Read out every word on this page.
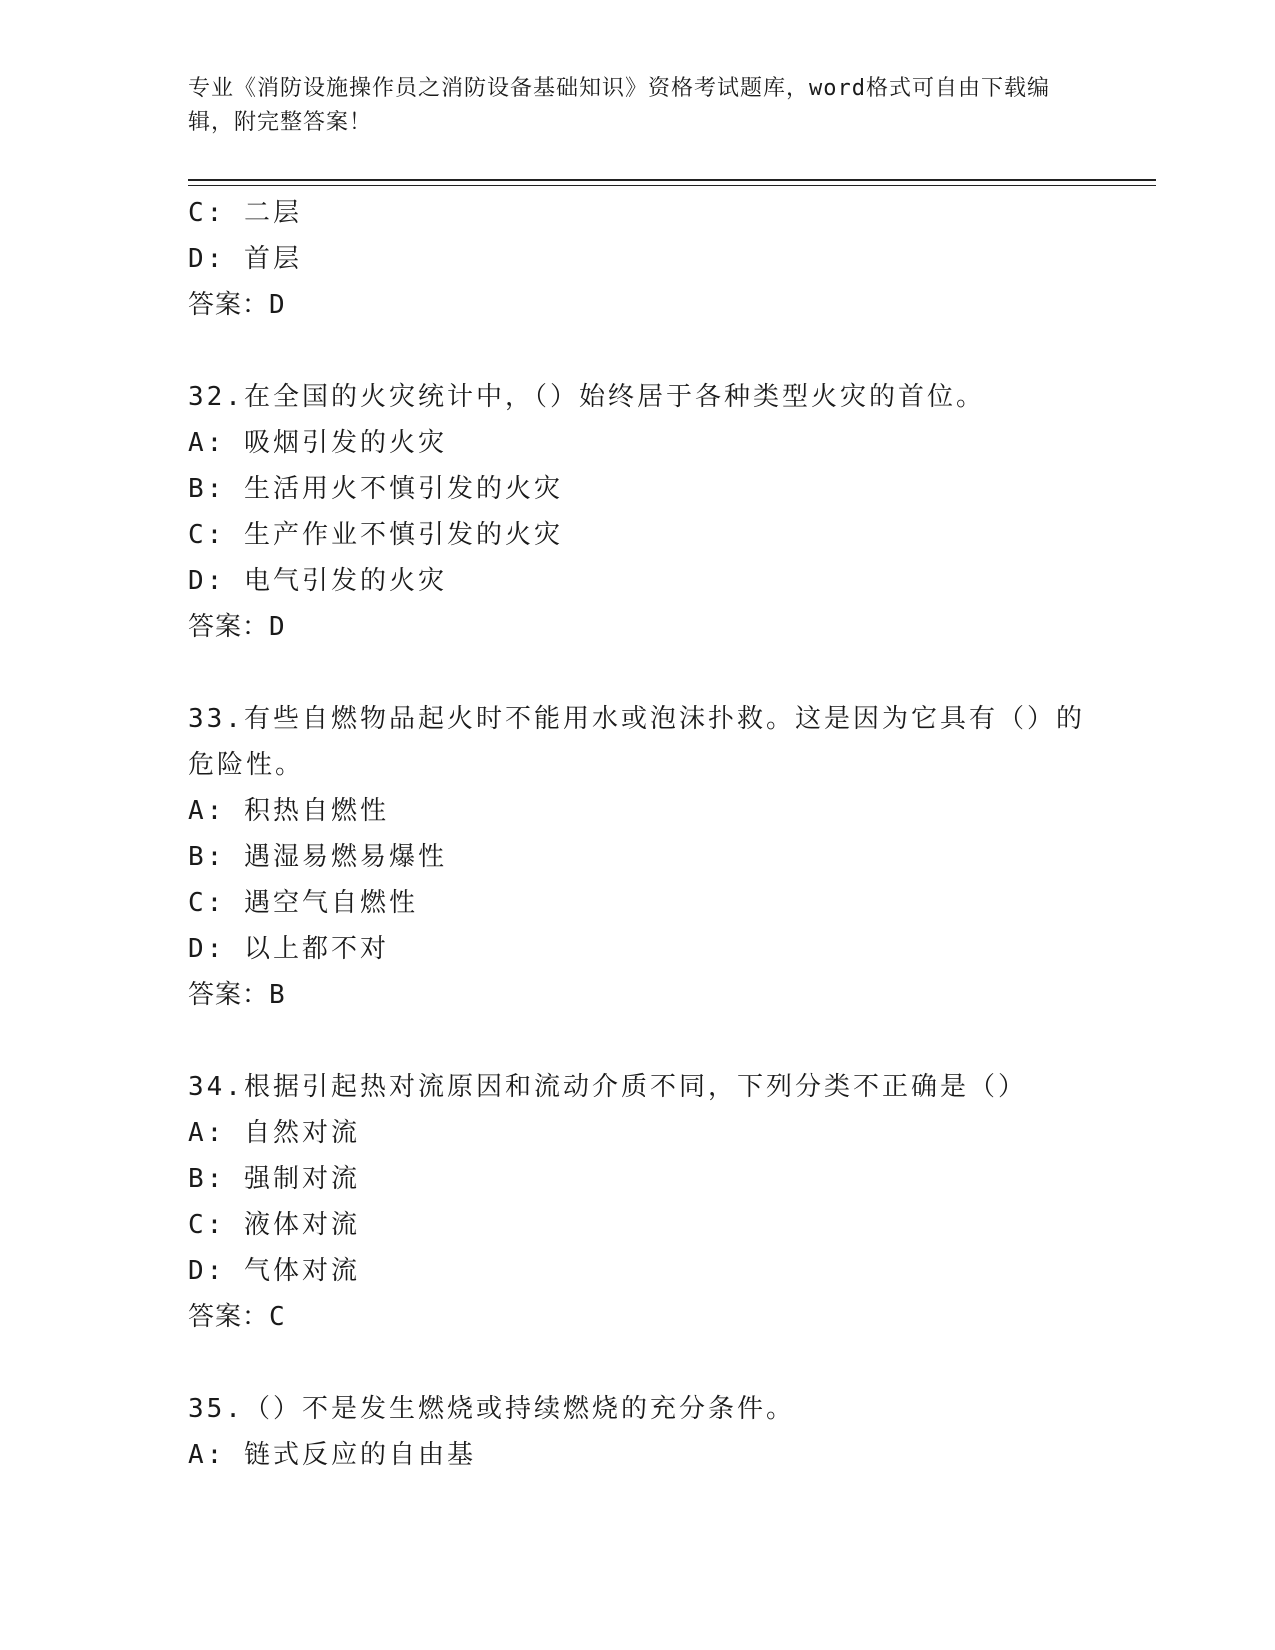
专业《消防设施操作员之消防设备基础知识》资格考试题库，word格式可自由下载编辑，附完整答案！
C: 二层
D: 首层
答案：D
32.在全国的火灾统计中，（）始终居于各种类型火灾的首位。
A: 吸烟引发的火灾
B: 生活用火不慎引发的火灾
C: 生产作业不慎引发的火灾
D: 电气引发的火灾
答案：D
33.有些自燃物品起火时不能用水或泡沫扑救。这是因为它具有（）的危险性。
A: 积热自燃性
B: 遇湿易燃易爆性
C: 遇空气自燃性
D: 以上都不对
答案：B
34.根据引起热对流原因和流动介质不同，下列分类不正确是（）
A: 自然对流
B: 强制对流
C: 液体对流
D: 气体对流
答案：C
35.（）不是发生燃烧或持续燃烧的充分条件。
A: 链式反应的自由基
